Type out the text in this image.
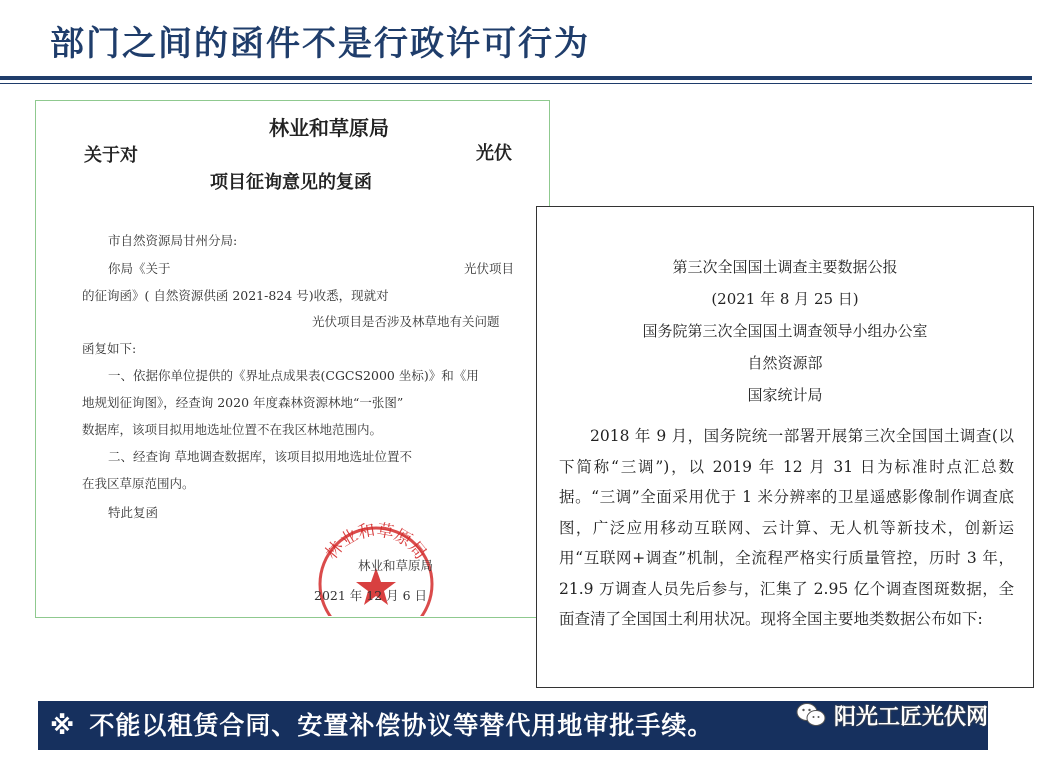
部门之间的函件不是行政许可行为
林业和草原局
关于对	光伏
项目征询意见的复函
市自然资源局甘州分局:
你局《关于	光伏项目
的征询函》( 自然资源供函 2021-824 号)收悉，现就对
光伏项目是否涉及林草地有关问题
函复如下:
一、依据你单位提供的《界址点成果表(CGCS2000 坐标)》和《用
地规划征询图》，经查询 2020 年度森林资源林地“一张图”
数据库，该项目拟用地选址位置不在我区林地范围内。
二、经查询 草地调查数据库，该项目拟用地选址位置不
在我区草原范围内。
特此复函
林业和草原局
林业和草原局
2021 年 12 月 6 日
第三次全国国土调查主要数据公报
(2021 年 8 月 25 日)
国务院第三次全国国土调查领导小组办公室
自然资源部
国家统计局

2018 年 9 月，国务院统一部署开展第三次全国国土调查(以下简称“三调”)，以 2019 年 12 月 31 日为标准时点汇总数据。“三调”全面采用优于 1 米分辨率的卫星遥感影像制作调查底图，广泛应用移动互联网、云计算、无人机等新技术，创新运用“互联网+调查”机制，全流程严格实行质量管控，历时 3 年，21.9 万调查人员先后参与，汇集了 2.95 亿个调查图斑数据，全面查清了全国国土利用状况。现将全国主要地类数据公布如下:

※ 不能以租赁合同、安置补偿协议等替代用地审批手续。	阳光工匠光伏网
